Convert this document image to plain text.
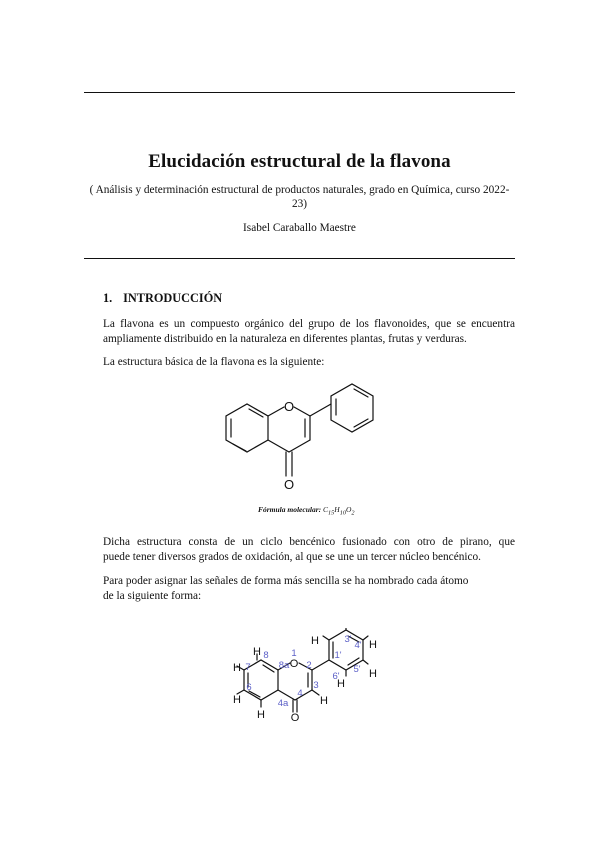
Elucidación estructural de la flavona
( Análisis y determinación estructural de productos naturales, grado en Química, curso 2022-23)
Isabel Caraballo Maestre
1. INTRODUCCIÓN
La flavona es un compuesto orgánico del grupo de los flavonoides, que se encuentra
ampliamente distribuido en la naturaleza en diferentes plantas, frutas y verduras.
La estructura básica de la flavona es la siguiente:
O
O
Fórmula molecular: $C_{15}H_{10}O_2$
Dicha estructura consta de un ciclo bencénico fusionado con otro de pirano, que
puede tener diversos grados de oxidación, al que se une un tercer núcleo bencénico.
Para poder asignar las señales de forma más sencilla se ha nombrado cada átomo
de la siguiente forma:
O
O
H
H
H
H
H
H	H
H
H
1
2
3
4
4a
6
7
8
8a
1'
3'
4'
5'
6'
